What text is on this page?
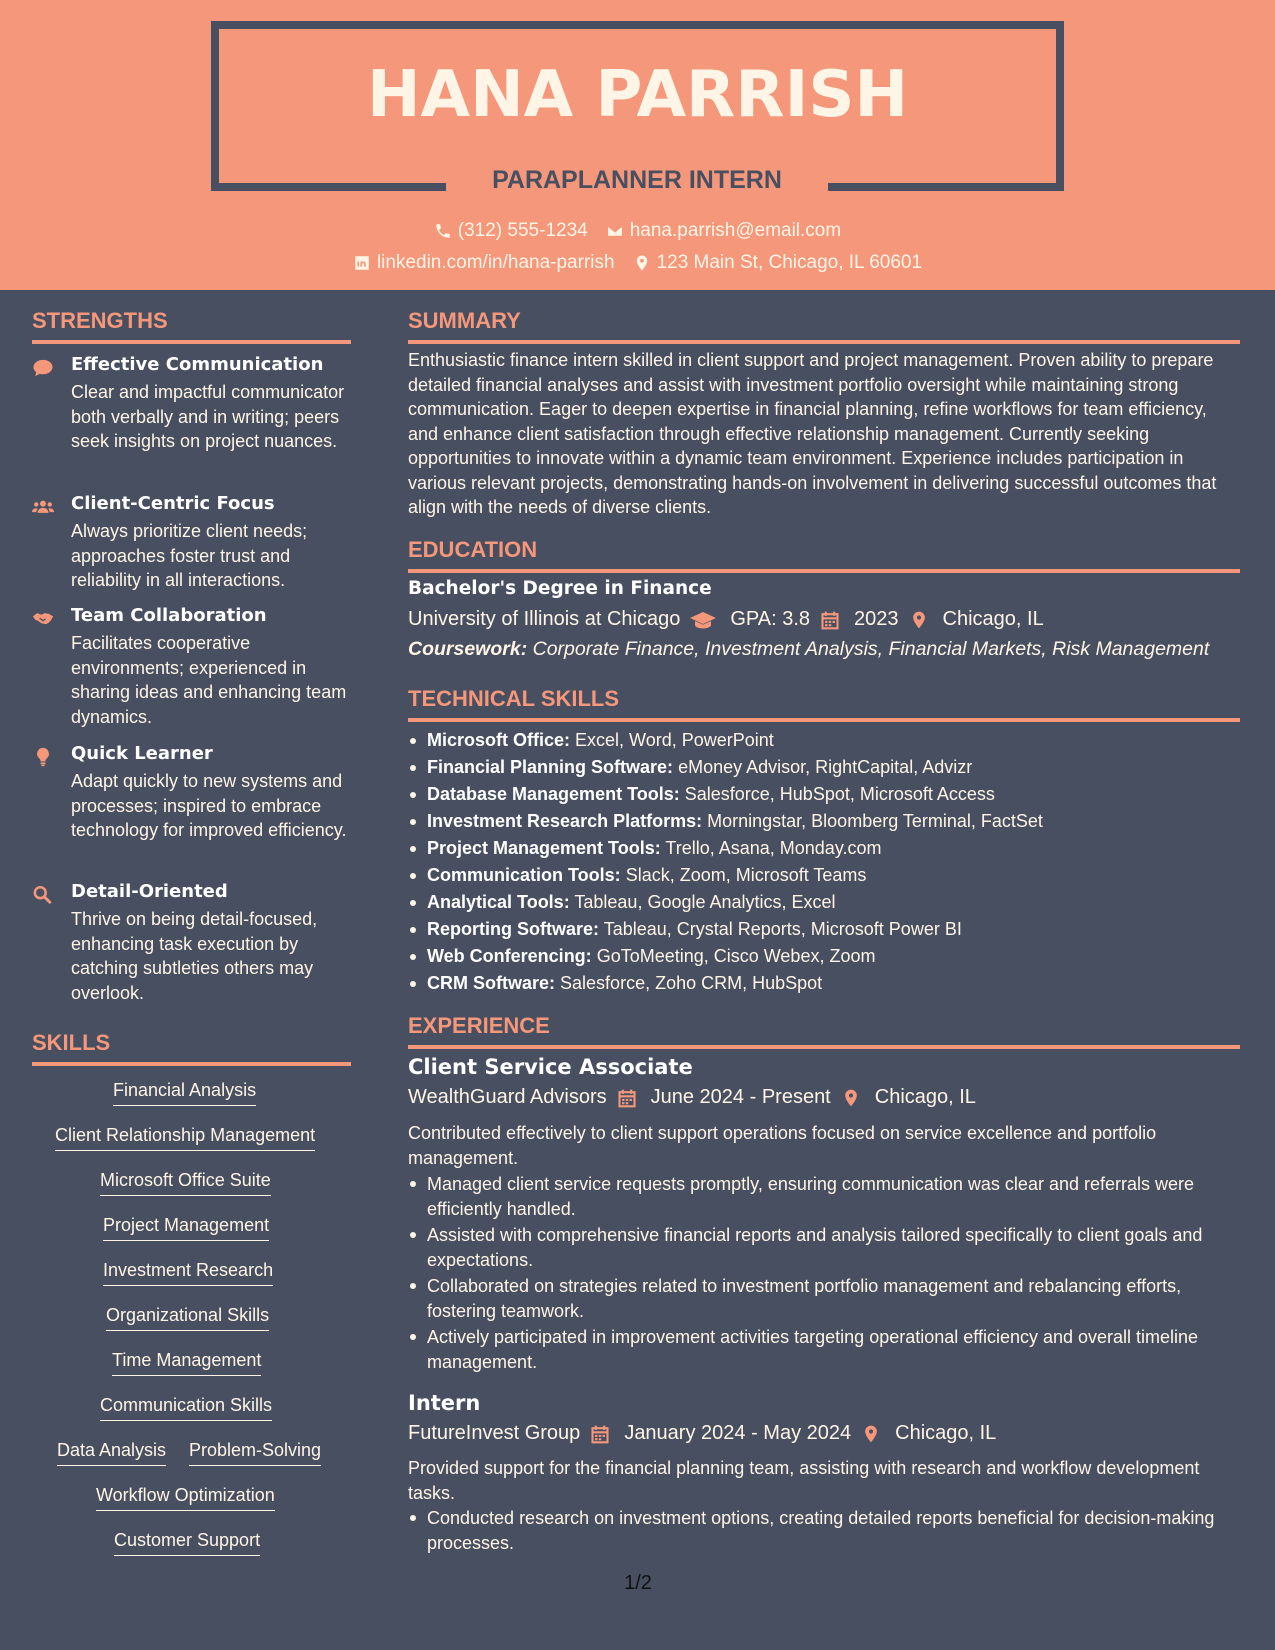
HANA PARRISH
PARAPLANNER INTERN
(312) 555-1234 hana.parrish@email.com
linkedin.com/in/hana-parrish 123 Main St, Chicago, IL 60601
STRENGTHS
Effective Communication
Clear and impactful communicator both verbally and in writing; peers seek insights on project nuances.
Client-Centric Focus
Always prioritize client needs; approaches foster trust and reliability in all interactions.
Team Collaboration
Facilitates cooperative environments; experienced in sharing ideas and enhancing team dynamics.
Quick Learner
Adapt quickly to new systems and processes; inspired to embrace technology for improved efficiency.
Detail-Oriented
Thrive on being detail-focused, enhancing task execution by catching subtleties others may overlook.
SKILLS
Financial Analysis
Client Relationship Management
Microsoft Office Suite
Project Management
Investment Research
Organizational Skills
Time Management
Communication Skills
Data Analysis Problem-Solving
Workflow Optimization
Customer Support
SUMMARY
Enthusiastic finance intern skilled in client support and project management. Proven ability to prepare detailed financial analyses and assist with investment portfolio oversight while maintaining strong communication. Eager to deepen expertise in financial planning, refine workflows for team efficiency, and enhance client satisfaction through effective relationship management. Currently seeking opportunities to innovate within a dynamic team environment. Experience includes participation in various relevant projects, demonstrating hands-on involvement in delivering successful outcomes that align with the needs of diverse clients.
EDUCATION
Bachelor's Degree in Finance
University of Illinois at Chicago	GPA: 3.8 2023 Chicago, IL
Coursework: Corporate Finance, Investment Analysis, Financial Markets, Risk Management
TECHNICAL SKILLS
Microsoft Office: Excel, Word, PowerPoint
Financial Planning Software: eMoney Advisor, RightCapital, Advizr
Database Management Tools: Salesforce, HubSpot, Microsoft Access
Investment Research Platforms: Morningstar, Bloomberg Terminal, FactSet
Project Management Tools: Trello, Asana, Monday.com
Communication Tools: Slack, Zoom, Microsoft Teams
Analytical Tools: Tableau, Google Analytics, Excel
Reporting Software: Tableau, Crystal Reports, Microsoft Power BI
Web Conferencing: GoToMeeting, Cisco Webex, Zoom
CRM Software: Salesforce, Zoho CRM, HubSpot
EXPERIENCE
Client Service Associate
WealthGuard Advisors June 2024 - Present Chicago, IL
Contributed effectively to client support operations focused on service excellence and portfolio management.
Managed client service requests promptly, ensuring communication was clear and referrals were efficiently handled.
Assisted with comprehensive financial reports and analysis tailored specifically to client goals and expectations.
Collaborated on strategies related to investment portfolio management and rebalancing efforts, fostering teamwork.
Actively participated in improvement activities targeting operational efficiency and overall timeline management.
Intern
FutureInvest Group January 2024 - May 2024 Chicago, IL
Provided support for the financial planning team, assisting with research and workflow development tasks.
Conducted research on investment options, creating detailed reports beneficial for decision-making processes.
1/2
